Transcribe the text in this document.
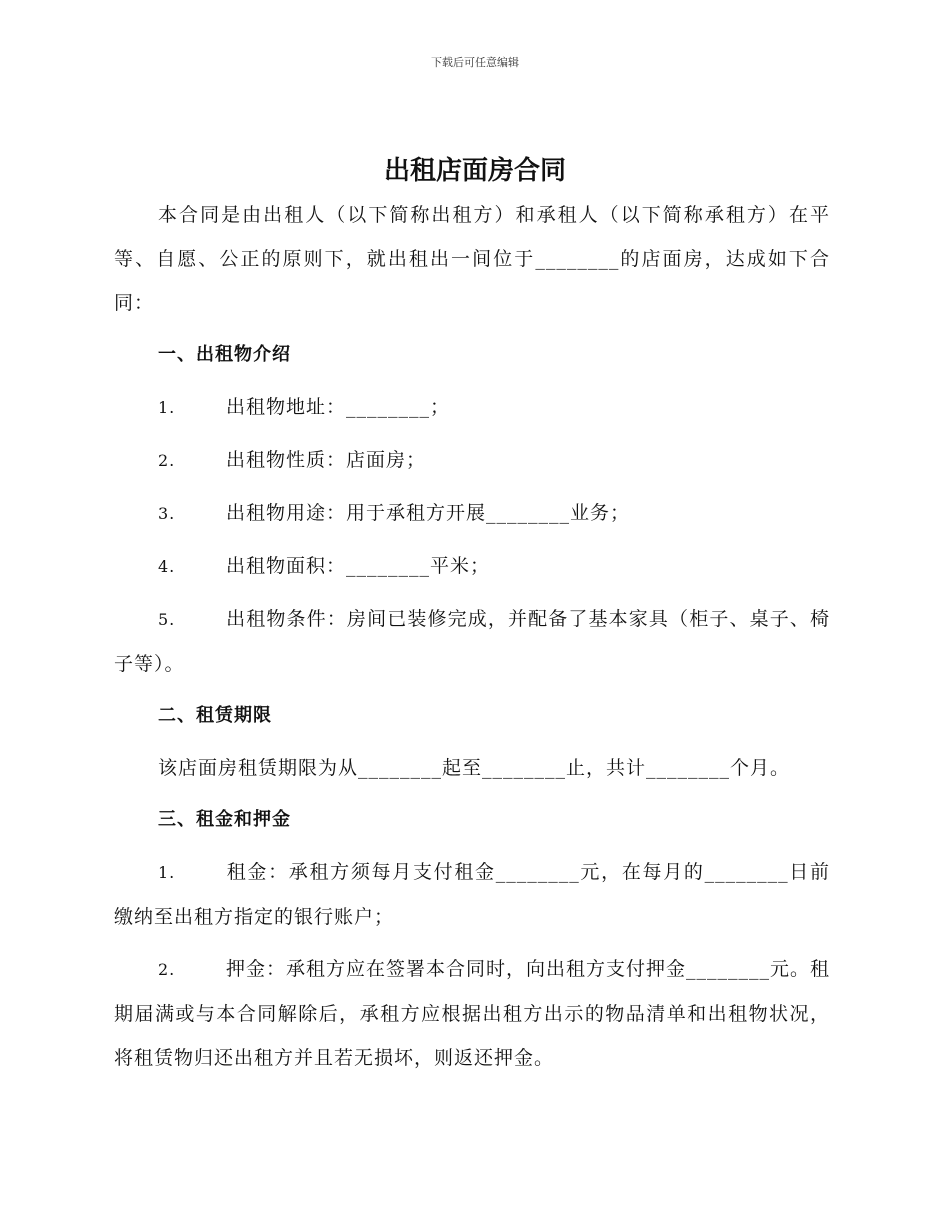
下载后可任意编辑
出租店面房合同

本合同是由出租人（以下简称出租方）和承租人（以下简称承租方）在平等、自愿、公正的原则下，就出租出一间位于________的店面房，达成如下合同：

一、出租物介绍

1.	出租物地址：________；

2.	出租物性质：店面房；

3.	出租物用途：用于承租方开展________业务；

4.	出租物面积：________平米；

5.	出租物条件：房间已装修完成，并配备了基本家具（柜子、桌子、椅子等）。

二、租赁期限

该店面房租赁期限为从________起至________止，共计________个月。

三、租金和押金

1.	租金：承租方须每月支付租金________元，在每月的________日前缴纳至出租方指定的银行账户；

2.	押金：承租方应在签署本合同时，向出租方支付押金________元。租期届满或与本合同解除后，承租方应根据出租方出示的物品清单和出租物状况，将租赁物归还出租方并且若无损坏，则返还押金。
